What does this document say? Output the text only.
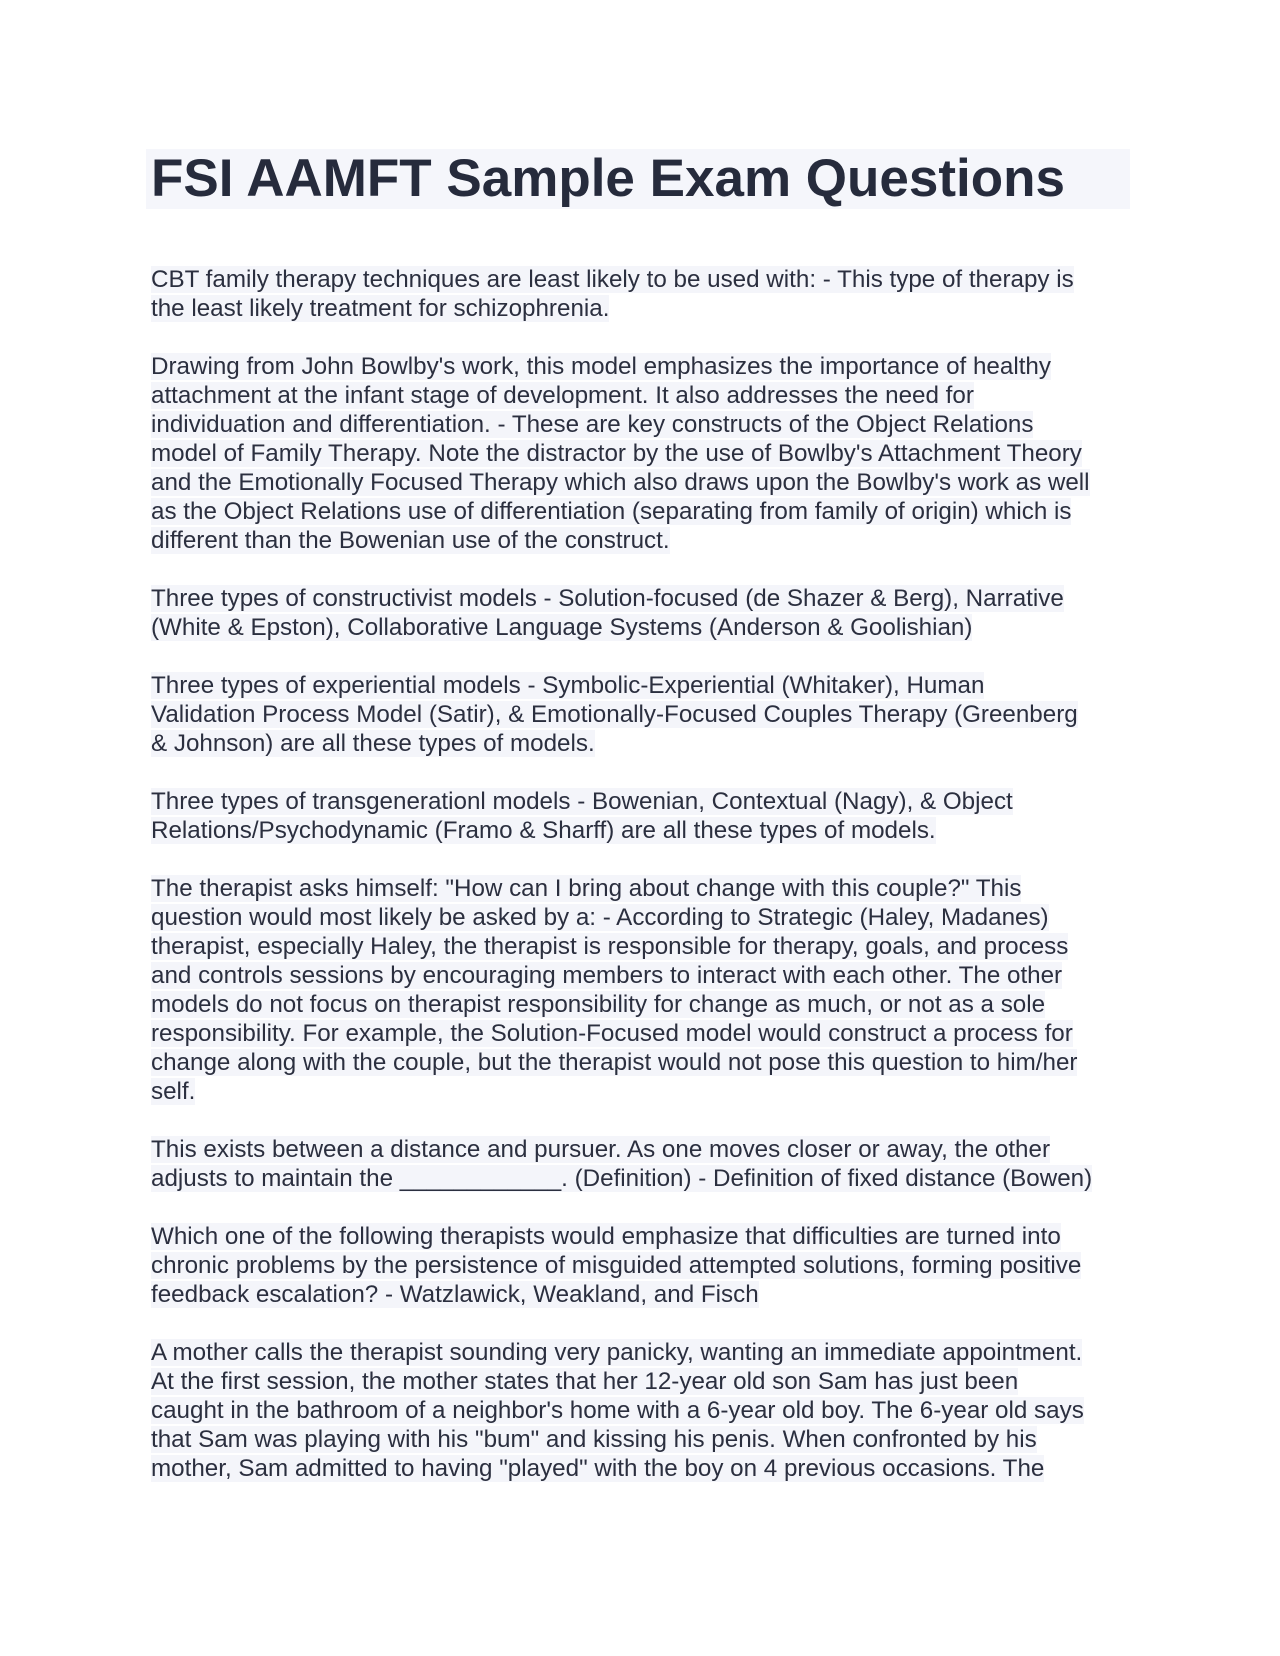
FSI AAMFT Sample Exam Questions
CBT family therapy techniques are least likely to be used with: - This type of therapy is
the least likely treatment for schizophrenia.
Drawing from John Bowlby's work, this model emphasizes the importance of healthy
attachment at the infant stage of development. It also addresses the need for
individuation and differentiation. - These are key constructs of the Object Relations
model of Family Therapy. Note the distractor by the use of Bowlby's Attachment Theory
and the Emotionally Focused Therapy which also draws upon the Bowlby's work as well
as the Object Relations use of differentiation (separating from family of origin) which is
different than the Bowenian use of the construct.
Three types of constructivist models - Solution-focused (de Shazer & Berg), Narrative
(White & Epston), Collaborative Language Systems (Anderson & Goolishian)
Three types of experiential models - Symbolic-Experiential (Whitaker), Human
Validation Process Model (Satir), & Emotionally-Focused Couples Therapy (Greenberg
& Johnson) are all these types of models.
Three types of transgenerationl models - Bowenian, Contextual (Nagy), & Object
Relations/Psychodynamic (Framo & Sharff) are all these types of models.
The therapist asks himself: "How can I bring about change with this couple?" This
question would most likely be asked by a: - According to Strategic (Haley, Madanes)
therapist, especially Haley, the therapist is responsible for therapy, goals, and process
and controls sessions by encouraging members to interact with each other. The other
models do not focus on therapist responsibility for change as much, or not as a sole
responsibility. For example, the Solution-Focused model would construct a process for
change along with the couple, but the therapist would not pose this question to him/her
self.
This exists between a distance and pursuer. As one moves closer or away, the other
adjusts to maintain the ____________. (Definition) - Definition of fixed distance (Bowen)
Which one of the following therapists would emphasize that difficulties are turned into
chronic problems by the persistence of misguided attempted solutions, forming positive
feedback escalation? - Watzlawick, Weakland, and Fisch
A mother calls the therapist sounding very panicky, wanting an immediate appointment.
At the first session, the mother states that her 12-year old son Sam has just been
caught in the bathroom of a neighbor's home with a 6-year old boy. The 6-year old says
that Sam was playing with his "bum" and kissing his penis. When confronted by his
mother, Sam admitted to having "played" with the boy on 4 previous occasions. The
